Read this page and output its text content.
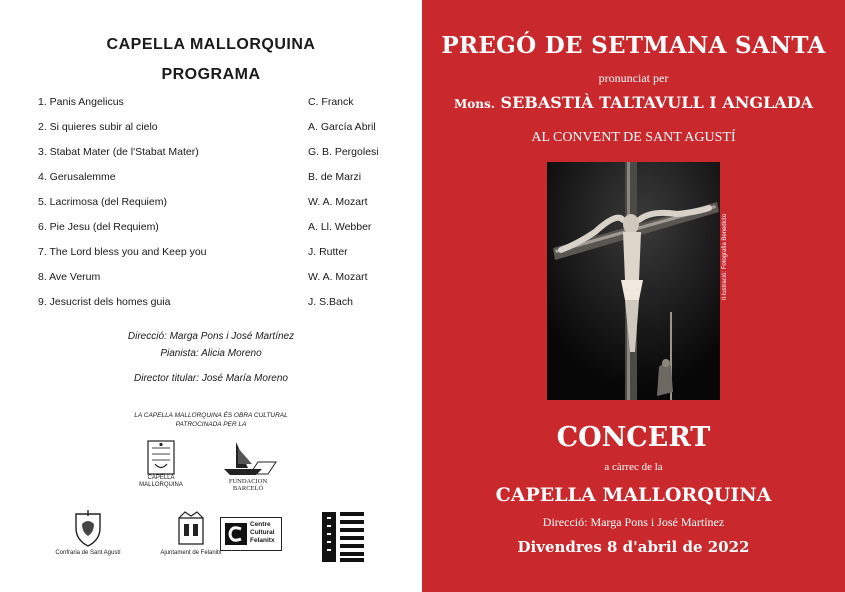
CAPELLA MALLORQUINA
PROGRAMA
1. Panis Angelicus	C. Franck
2. Si quieres subir al cielo	A. García Abril
3. Stabat Mater (de l'Stabat Mater)	G. B. Pergolesi
4. Gerusalemme	B. de Marzi
5. Lacrimosa (del Requiem)	W. A. Mozart
6. Pie Jesu (del Requiem)	A. Ll. Webber
7. The Lord bless you and Keep you	J. Rutter
8. Ave Verum	W. A. Mozart
9. Jesucrist dels homes guia	J. S.Bach
Direcció: Marga Pons i José Martínez
Pianista: Alicia Moreno
Director titular: José María Moreno
LA CAPELLA MALLORQUINA ÉS OBRA CULTURAL
PATROCINADA PER LA
CAPELLA MALLORQUINA	FUNDACION BARCELÓ
Confraria de Sant Agustí	Ajuntament de Felanitx
Centre
Cultural
Felanitx
PREGÓ DE SETMANA SANTA
pronunciat per
Mons. SEBASTIÀ TALTAVULL I ANGLADA
AL CONVENT DE SANT AGUSTÍ
CONCERT
a càrrec de la
CAPELLA MALLORQUINA
Direcció: Marga Pons i José Martínez
Divendres 8 d'abril de 2022
Il·lustració: Fotografia Benedicto
